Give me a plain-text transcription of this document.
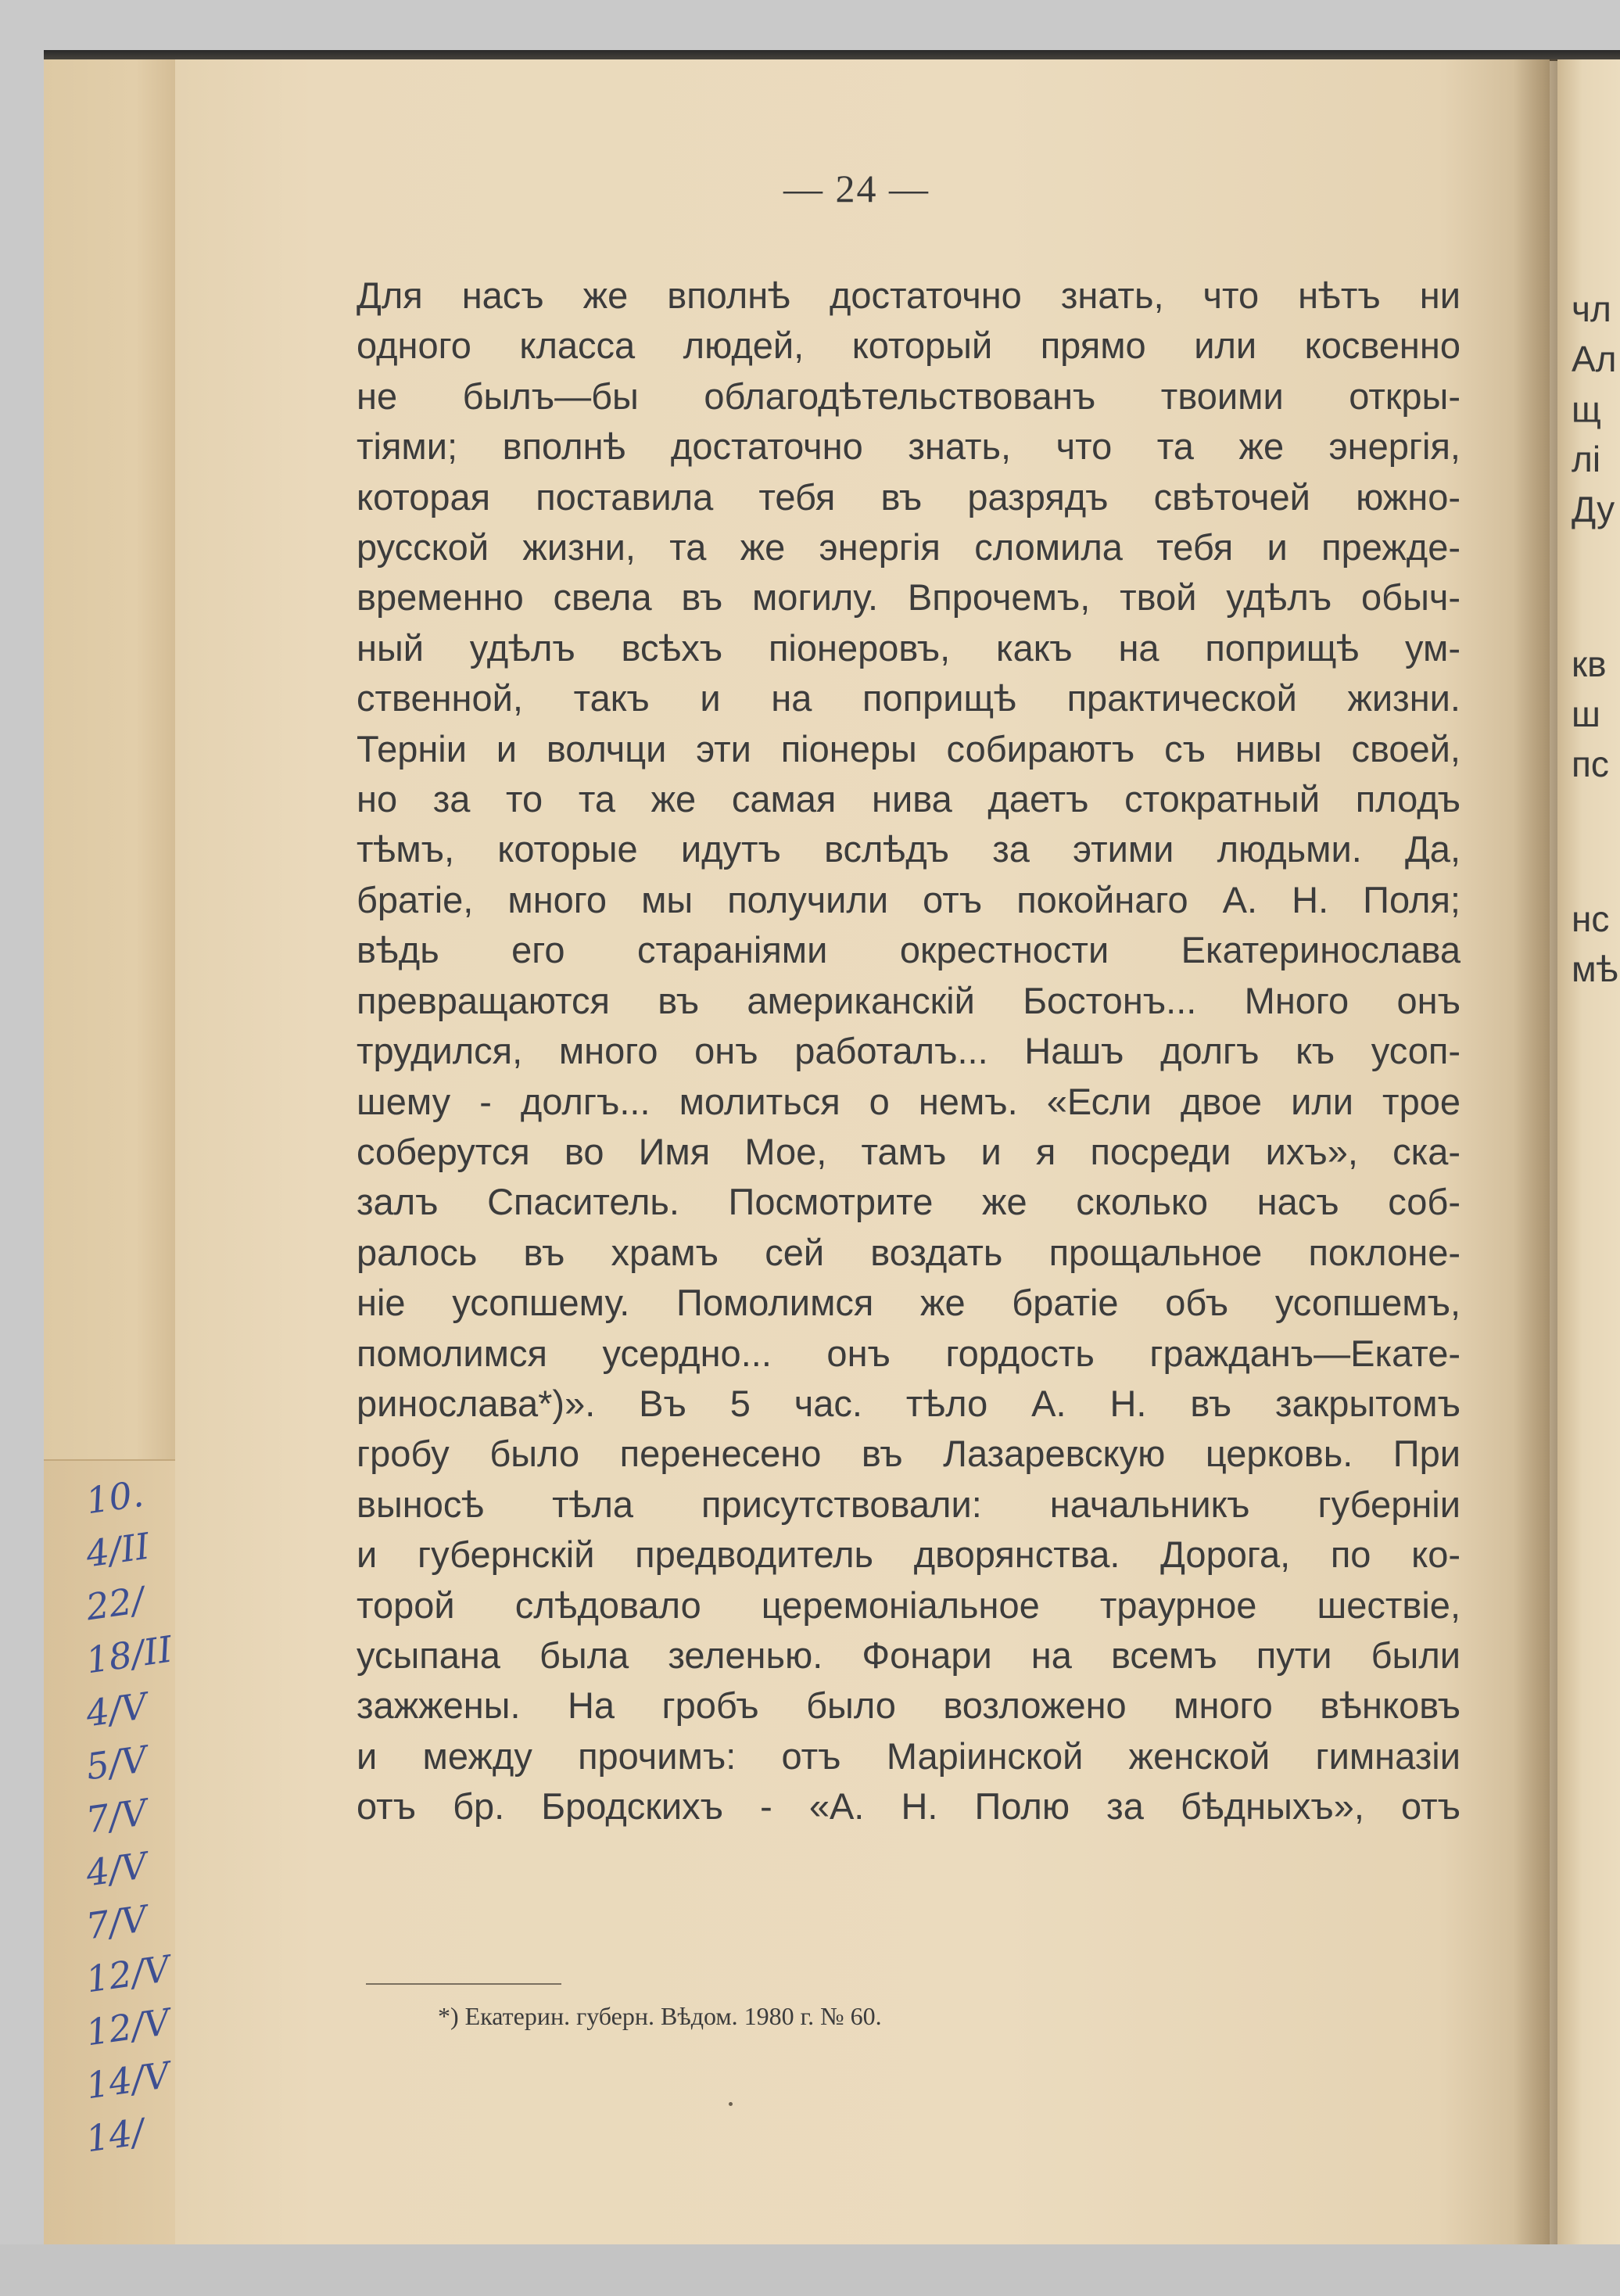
— 24 —
Для насъ же вполнѣ достаточно знать, что нѣтъ ни
одного класса людей, который прямо или косвенно
не былъ—бы облагодѣтельствованъ твоими откры-
тіями; вполнѣ достаточно знать, что та же энергія,
которая поставила тебя въ разрядъ свѣточей южно-
русской жизни, та же энергія сломила тебя и прежде-
временно свела въ могилу. Впрочемъ, твой удѣлъ обыч-
ный удѣлъ всѣхъ піонеровъ, какъ на поприщѣ ум-
ственной, такъ и на поприщѣ практической жизни.
Терніи и волчци эти піонеры собираютъ съ нивы своей,
но за то та же самая нива даетъ стократный плодъ
тѣмъ, которые идутъ вслѣдъ за этими людьми. Да,
братіе, много мы получили отъ покойнаго А. Н. Поля;
вѣдь его стараніями окрестности Екатеринослава
превращаются въ американскій Бостонъ... Много онъ
трудился, много онъ работалъ... Нашъ долгъ къ усоп-
шему - долгъ... молиться о немъ. «Если двое или трое
соберутся во Имя Мое, тамъ и я посреди ихъ», ска-
залъ Спаситель. Посмотрите же сколько насъ соб-
ралось въ храмъ сей воздать прощальное поклоне-
ніе усопшему. Помолимся же братіе объ усопшемъ,
помолимся усердно... онъ гордость гражданъ—Екате-
ринослава*)». Въ 5 час. тѣло А. Н. въ закрытомъ
гробу было перенесено въ Лазаревскую церковь. При
выносѣ тѣла присутствовали: начальникъ губерніи
и губернскій предводитель дворянства. Дорога, по ко-
торой слѣдовало церемоніальное траурное шествіе,
усыпана была зеленью. Фонари на всемъ пути были
зажжены. На гробъ было возложено много вѣнковъ
и между прочимъ: отъ Маріинской женской гимназіи
отъ бр. Бродскихъ - «А. Н. Полю за бѣдныхъ», отъ
*) Екатерин. губерн. Вѣдом. 1980 г. № 60.
чл
Ал
щ
лі
Ду
кв
ш
пс
нс
мѣ
10.
4/II
22/
18/II
4/V
5/V
7/V
4/V
7/V
12/V
12/V
14/V
14/
